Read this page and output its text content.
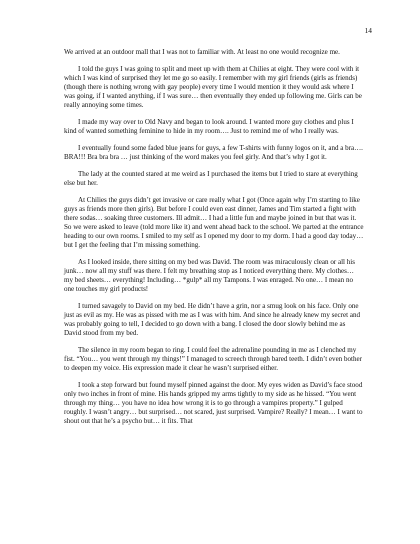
14

We arrived at an outdoor mall that I was not to familiar with. At least no one would recognize me.

I told the guys I was going to split and meet up with them at Chilies at eight. They were cool with it which I was kind of surprised they let me go so easily. I remember with my girl friends (girls as friends) (though there is nothing wrong with gay people) every time I would mention it they would ask where I was going, if I wanted anything, if I was sure… then eventually they ended up following me. Girls can be really annoying some times.

I made my way over to Old Navy and began to look around. I wanted more guy clothes and plus I kind of wanted something feminine to hide in my room…. Just to remind me of who I really was.

I eventually found some faded blue jeans for guys, a few T-shirts with funny logos on it, and a bra…. BRA!!! Bra bra bra … just thinking of the word makes you feel girly. And that’s why I got it.

The lady at the counted stared at me weird as I purchased the items but I tried to stare at everything else but her.

At Chilies the guys didn’t get invasive or care really what I got (Once again why I’m starting to like guys as friends more then girls). But before I could even east dinner, James and Tim started a fight with there sodas… soaking three customers. Ill admit… I had a little fun and maybe joined in but that was it. So we were asked to leave (told more like it) and went ahead back to the school. We parted at the entrance heading to our own rooms. I smiled to my self as I opened my door to my dorm. I had a good day today… but I get the feeling that I’m missing something.

As I looked inside, there sitting on my bed was David. The room was miraculously clean or all his junk… now all my stuff was there. I felt my breathing stop as I noticed everything there. My clothes… my bed sheets… everything! Including… *gulp* all my Tampons. I was enraged. No one… I mean no one touches my girl products!

I turned savagely to David on my bed. He didn’t have a grin, nor a smug look on his face. Only one just as evil as my. He was as pissed with me as I was with him. And since he already knew my secret and was probably going to tell, I decided to go down with a bang. I closed the door slowly behind me as David stood from my bed.

The silence in my room began to ring. I could feel the adrenaline pounding in me as I clenched my fist. “You… you went through my things!” I managed to screech through bared teeth. I didn’t even bother to deepen my voice. His expression made it clear he wasn’t surprised either.

I took a step forward but found myself pinned against the door. My eyes widen as David’s face stood only two inches in front of mine. His hands gripped my arms tightly to my side as he hissed. “You went through my thing… you have no idea how wrong it is to go through a vampires property.” I gulped roughly. I wasn’t angry… but surprised… not scared, just surprised. Vampire? Really? I mean… I want to shout out that he’s a psycho but… it fits. That
